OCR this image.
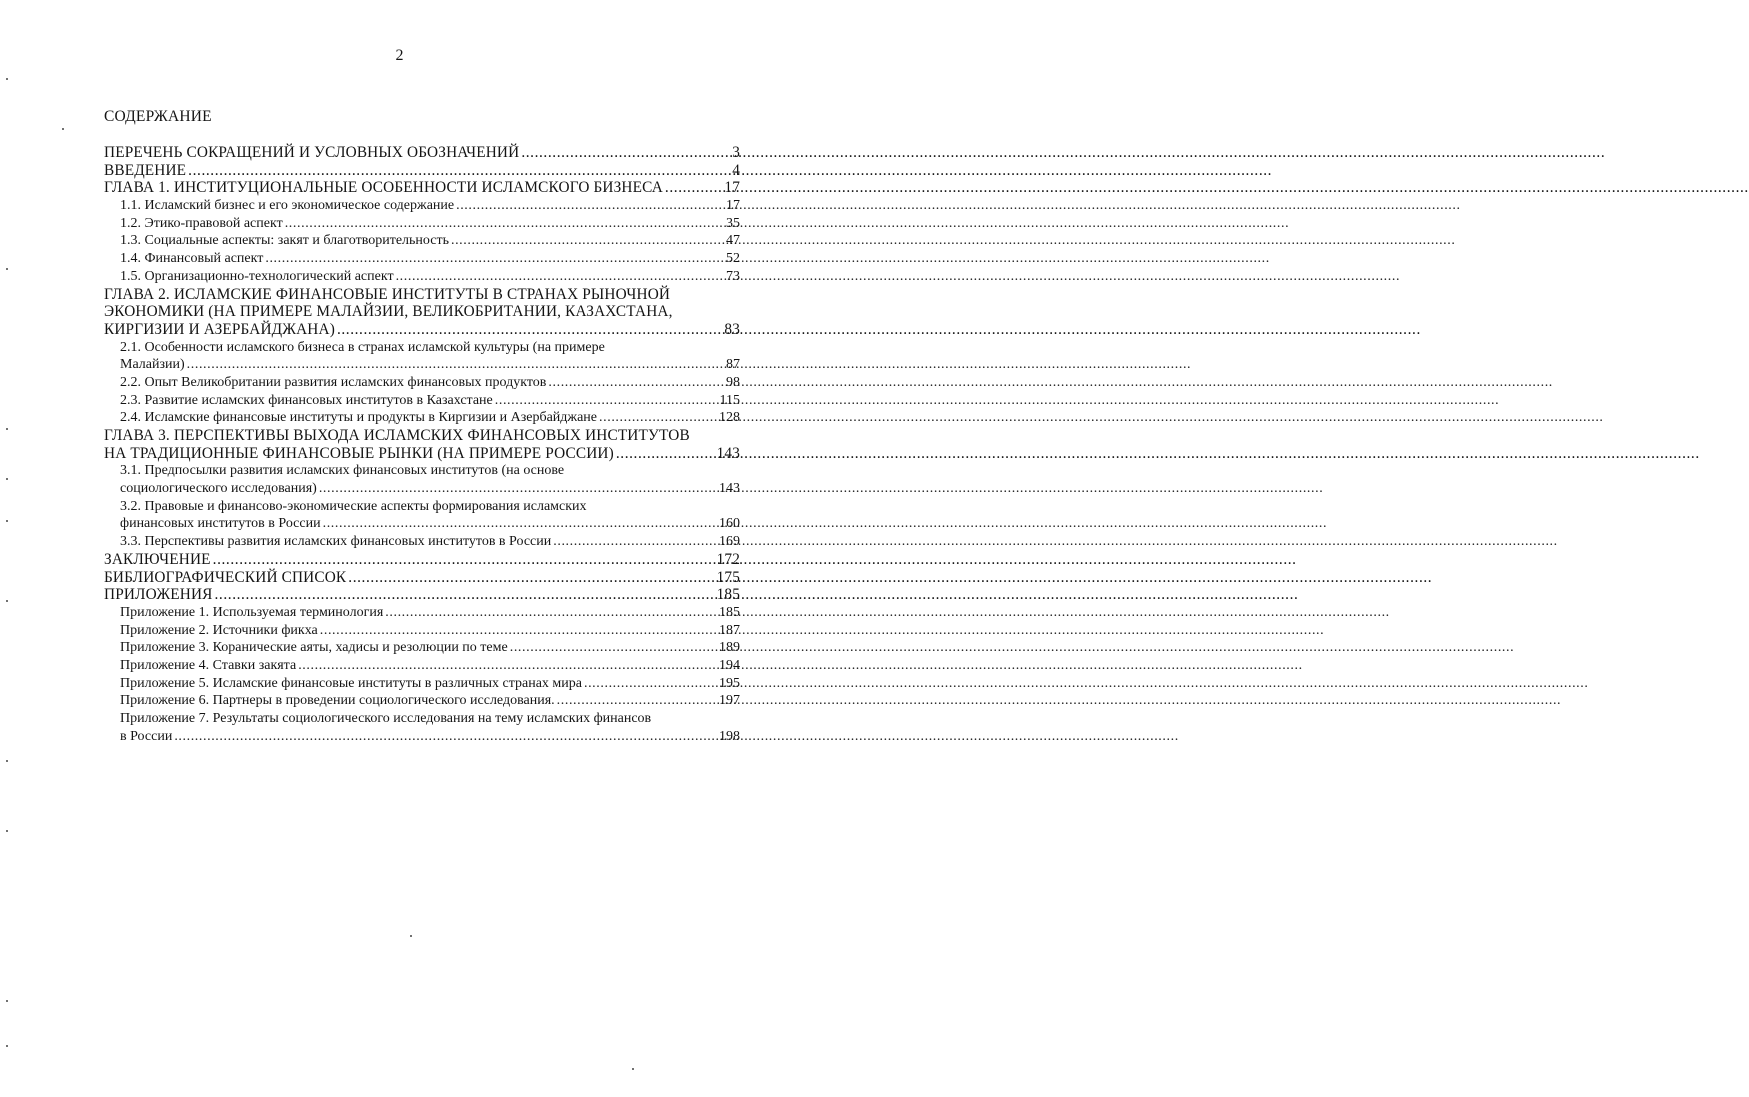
2
СОДЕРЖАНИЕ
ПЕРЕЧЕНЬ СОКРАЩЕНИЙ И УСЛОВНЫХ ОБОЗНАЧЕНИЙ .....	3
ВВЕДЕНИЕ .....	4
ГЛАВА 1. ИНСТИТУЦИОНАЛЬНЫЕ ОСОБЕННОСТИ ИСЛАМСКОГО БИЗНЕСА .....	17
1.1. Исламский бизнес и его экономическое содержание .....	17
1.2. Этико-правовой аспект .....	35
1.3. Социальные аспекты: закят и благотворительность .....	47
1.4. Финансовый аспект .....	52
1.5. Организационно-технологический аспект .....	73
ГЛАВА 2. ИСЛАМСКИЕ ФИНАНСОВЫЕ ИНСТИТУТЫ В СТРАНАХ РЫНОЧНОЙ
ЭКОНОМИКИ (НА ПРИМЕРЕ МАЛАЙЗИИ, ВЕЛИКОБРИТАНИИ, КАЗАХСТАНА,
КИРГИЗИИ И АЗЕРБАЙДЖАНА) .....	83
2.1. Особенности исламского бизнеса в странах исламской культуры (на примере
Малайзии) .....	87
2.2. Опыт Великобритании развития исламских финансовых продуктов .....	98
2.3. Развитие исламских финансовых институтов в Казахстане .....	115
2.4. Исламские финансовые институты и продукты в Киргизии и Азербайджане .....	128
ГЛАВА 3. ПЕРСПЕКТИВЫ ВЫХОДА ИСЛАМСКИХ ФИНАНСОВЫХ ИНСТИТУТОВ
НА ТРАДИЦИОННЫЕ ФИНАНСОВЫЕ РЫНКИ (НА ПРИМЕРЕ РОССИИ) .....	143
3.1. Предпосылки развития исламских финансовых институтов (на основе
социологического исследования) .....	143
3.2. Правовые и финансово-экономические аспекты формирования исламских
финансовых институтов в России .....	160
3.3. Перспективы развития исламских финансовых институтов в России .....	169
ЗАКЛЮЧЕНИЕ .....	172
БИБЛИОГРАФИЧЕСКИЙ СПИСОК .....	175
ПРИЛОЖЕНИЯ .....	185
Приложение 1. Используемая терминология .....	185
Приложение 2. Источники фикха .....	187
Приложение 3. Коранические аяты, хадисы и резолюции по теме .....	189
Приложение 4. Ставки закята .....	194
Приложение 5. Исламские финансовые институты в различных странах мира .....	195
Приложение 6. Партнеры в проведении социологического исследования. .....	197
Приложение 7. Результаты социологического исследования на тему исламских финансов
в России .....	198
